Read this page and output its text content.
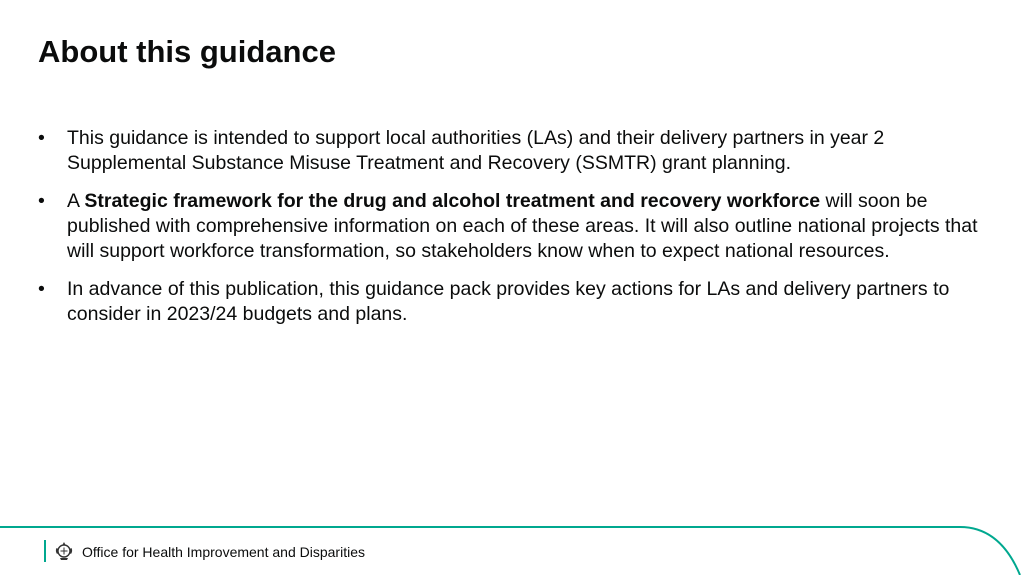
About this guidance
• This guidance is intended to support local authorities (LAs) and their delivery partners in year 2 Supplemental Substance Misuse Treatment and Recovery (SSMTR) grant planning.
• A Strategic framework for the drug and alcohol treatment and recovery workforce will soon be published with comprehensive information on each of these areas. It will also outline national projects that will support workforce transformation, so stakeholders know when to expect national resources.
• In advance of this publication, this guidance pack provides key actions for LAs and delivery partners to consider in 2023/24 budgets and plans.
Office for Health Improvement and Disparities
